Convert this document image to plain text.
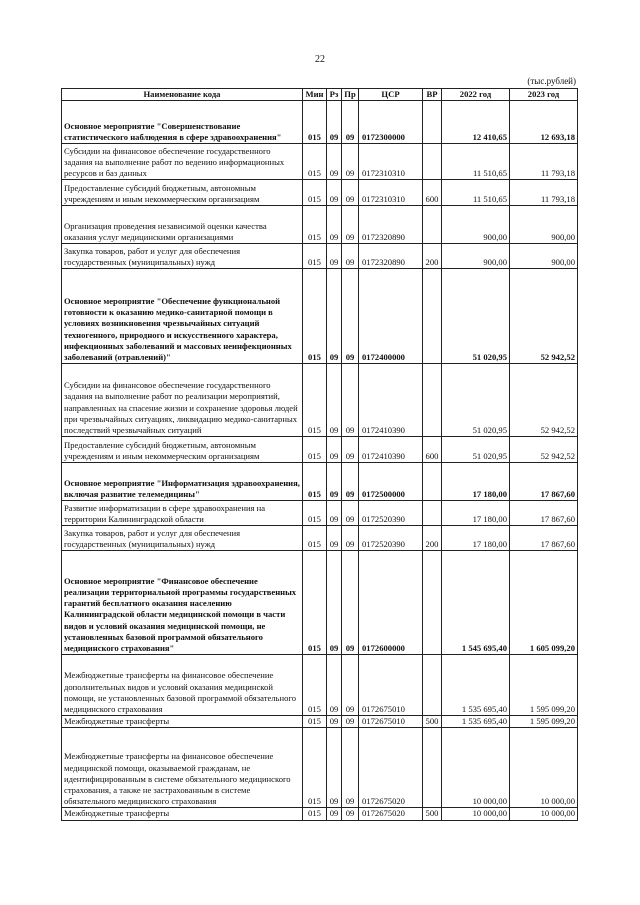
22
(тыс.рублей)
Наименование кода	Мин	Рз	Пр	ЦСР	ВР	2022 год	2023 год
Основное мероприятие "Совершенствование статистического наблюдения в сфере здравоохранения"	015	09	09	0172300000		12 410,65	12 693,18
Субсидии на финансовое обеспечение государственного задания на выполнение работ по ведению информационных ресурсов и баз данных	015	09	09	0172310310		11 510,65	11 793,18
Предоставление субсидий бюджетным, автономным учреждениям и иным некоммерческим организациям	015	09	09	0172310310	600	11 510,65	11 793,18
Организация проведения независимой оценки качества оказания услуг медицинскими организациями	015	09	09	0172320890		900,00	900,00
Закупка товаров, работ и услуг для обеспечения государственных (муниципальных) нужд	015	09	09	0172320890	200	900,00	900,00
Основное мероприятие "Обеспечение функциональной готовности к оказанию медико-санитарной помощи в условиях возникновения чрезвычайных ситуаций техногенного, природного и искусственного характера, инфекционных заболеваний и массовых неинфекционных заболеваний (отравлений)"	015	09	09	0172400000		51 020,95	52 942,52
Субсидии на финансовое обеспечение государственного задания на выполнение работ по реализации мероприятий, направленных на спасение жизни и сохранение здоровья людей при чрезвычайных ситуациях, ликвидацию медико-санитарных последствий чрезвычайных ситуаций	015	09	09	0172410390		51 020,95	52 942,52
Предоставление субсидий бюджетным, автономным учреждениям и иным некоммерческим организациям	015	09	09	0172410390	600	51 020,95	52 942,52
Основное мероприятие "Информатизация здравоохранения, включая развитие телемедицины"	015	09	09	0172500000		17 180,00	17 867,60
Развитие информатизации в сфере здравоохранения на территории Калининградской области	015	09	09	0172520390		17 180,00	17 867,60
Закупка товаров, работ и услуг для обеспечения государственных (муниципальных) нужд	015	09	09	0172520390	200	17 180,00	17 867,60
Основное мероприятие "Финансовое обеспечение реализации территориальной программы государственных гарантий бесплатного оказания населению Калининградской области медицинской помощи в части видов и условий оказания медицинской помощи, не установленных базовой программой обязательного медицинского страхования"	015	09	09	0172600000		1 545 695,40	1 605 099,20
Межбюджетные трансферты на финансовое обеспечение дополнительных видов и условий оказания медицинской помощи, не установленных базовой программой обязательного медицинского страхования	015	09	09	0172675010		1 535 695,40	1 595 099,20
Межбюджетные трансферты	015	09	09	0172675010	500	1 535 695,40	1 595 099,20
Межбюджетные трансферты на финансовое обеспечение медицинской помощи, оказываемой гражданам, не идентифицированным в системе обязательного медицинского страхования, а также не застрахованным в системе обязательного медицинского страхования	015	09	09	0172675020		10 000,00	10 000,00
Межбюджетные трансферты	015	09	09	0172675020	500	10 000,00	10 000,00
